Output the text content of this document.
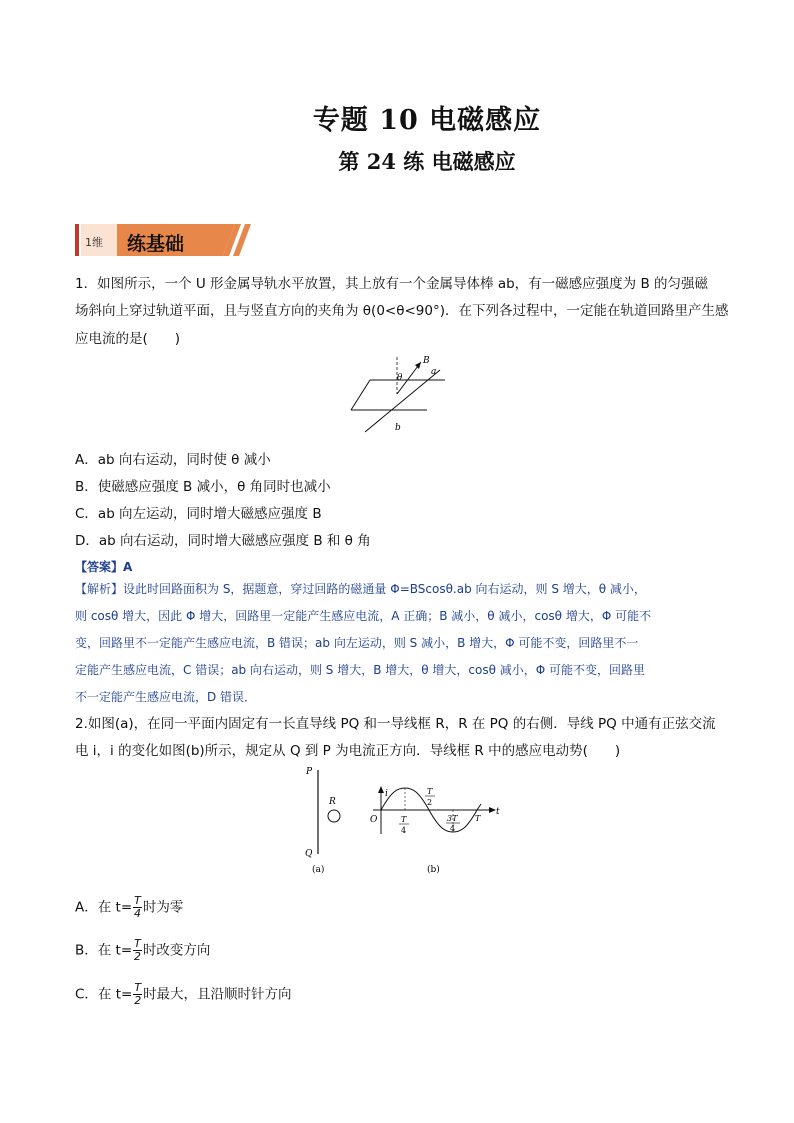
专题 10 电磁感应
第 24 练 电磁感应
1维 练基础
1．如图所示，一个 U 形金属导轨水平放置，其上放有一个金属导体棒 ab，有一磁感应强度为 B 的匀强磁
场斜向上穿过轨道平面，且与竖直方向的夹角为 θ(0<θ<90°)．在下列各过程中，一定能在轨道回路里产生感
应电流的是(　　)
B
a
b
θ
A．ab 向右运动，同时使 θ 减小
B．使磁感应强度 B 减小，θ 角同时也减小
C．ab 向左运动，同时增大磁感应强度 B
D．ab 向右运动，同时增大磁感应强度 B 和 θ 角
【答案】A
【解析】设此时回路面积为 S，据题意，穿过回路的磁通量 Φ=BScosθ.ab 向右运动，则 S 增大，θ 减小，
则 cosθ 增大，因此 Φ 增大，回路里一定能产生感应电流，A 正确；B 减小，θ 减小，cosθ 增大，Φ 可能不
变，回路里不一定能产生感应电流，B 错误；ab 向左运动，则 S 减小，B 增大，Φ 可能不变，回路里不一
定能产生感应电流，C 错误；ab 向右运动，则 S 增大，B 增大，θ 增大，cosθ 减小，Φ 可能不变，回路里
不一定能产生感应电流，D 错误．
2.如图(a)，在同一平面内固定有一长直导线 PQ 和一导线框 R，R 在 PQ 的右侧．导线 PQ 中通有正弦交流
电 i，i 的变化如图(b)所示，规定从 Q 到 P 为电流正方向．导线框 R 中的感应电动势(　　)
P
Q
R
(a)
i
O
t
T
4
T
2
3T
4
T
(b)
A．在 $t= \frac{T}{4}$ 时为零
B．在 $t= \frac{T}{2}$ 时改变方向
C．在 $t= \frac{T}{2}$ 时最大，且沿顺时针方向
